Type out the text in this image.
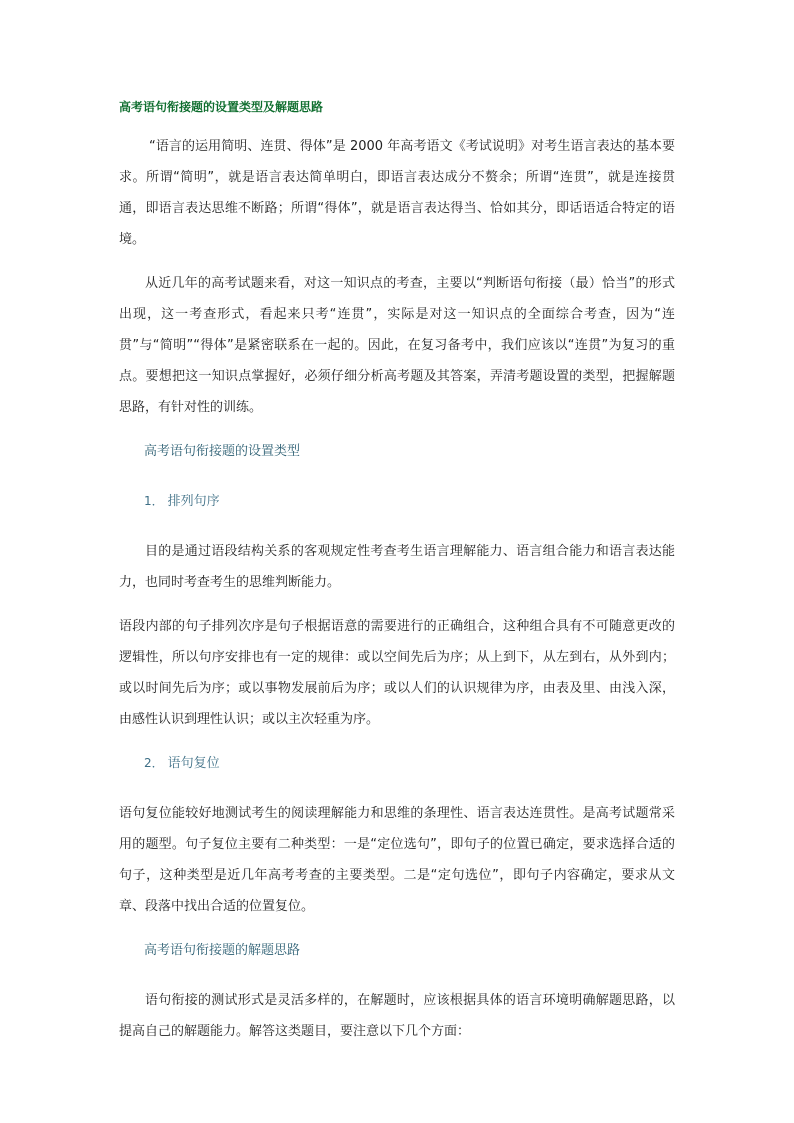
高考语句衔接题的设置类型及解题思路

“语言的运用简明、连贯、得体”是 2000 年高考语文《考试说明》对考生语言表达的基本要求。所谓“简明”，就是语言表达简单明白，即语言表达成分不赘余；所谓“连贯”，就是连接贯通，即语言表达思维不断路；所谓“得体”，就是语言表达得当、恰如其分，即话语适合特定的语境。

从近几年的高考试题来看，对这一知识点的考查，主要以“判断语句衔接（最）恰当”的形式出现，这一考查形式，看起来只考“连贯”，实际是对这一知识点的全面综合考查，因为“连贯”与“简明”“得体”是紧密联系在一起的。因此，在复习备考中，我们应该以“连贯”为复习的重点。要想把这一知识点掌握好，必须仔细分析高考题及其答案，弄清考题设置的类型，把握解题思路，有针对性的训练。

高考语句衔接题的设置类型
1． 排列句序

目的是通过语段结构关系的客观规定性考查考生语言理解能力、语言组合能力和语言表达能力，也同时考查考生的思维判断能力。

语段内部的句子排列次序是句子根据语意的需要进行的正确组合，这种组合具有不可随意更改的逻辑性，所以句序安排也有一定的规律：或以空间先后为序；从上到下，从左到右，从外到内；或以时间先后为序；或以事物发展前后为序；或以人们的认识规律为序，由表及里、由浅入深，由感性认识到理性认识；或以主次轻重为序。

2． 语句复位

语句复位能较好地测试考生的阅读理解能力和思维的条理性、语言表达连贯性。是高考试题常采用的题型。句子复位主要有二种类型：一是“定位选句”，即句子的位置已确定，要求选择合适的句子，这种类型是近几年高考考查的主要类型。二是“定句选位”，即句子内容确定，要求从文章、段落中找出合适的位置复位。

高考语句衔接题的解题思路

语句衔接的测试形式是灵活多样的，在解题时，应该根据具体的语言环境明确解题思路，以提高自己的解题能力。解答这类题目，要注意以下几个方面：
